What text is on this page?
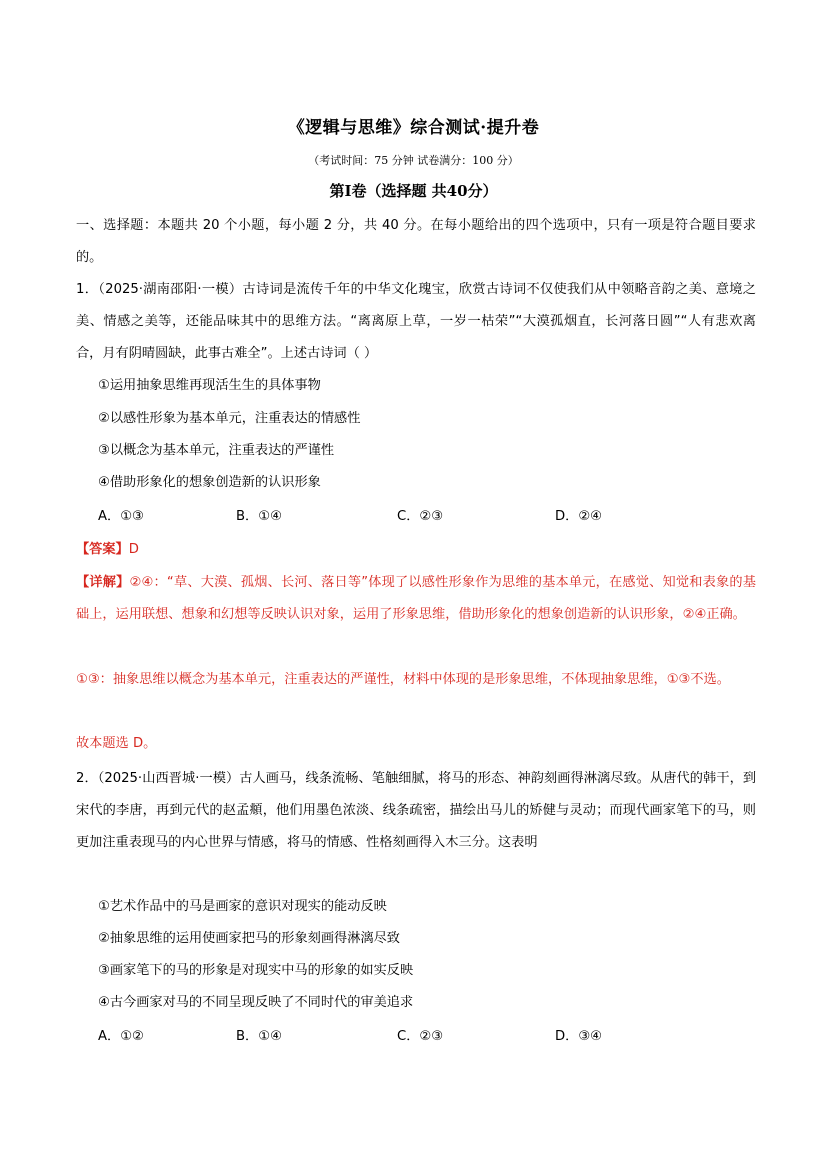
《逻辑与思维》综合测试·提升卷
（考试时间：75 分钟 试卷满分：100 分）
第Ⅰ卷（选择题 共40分）
一、选择题：本题共 20 个小题，每小题 2 分，共 40 分。在每小题给出的四个选项中，只有一项是符合题目要求的。
1．（2025·湖南邵阳·一模）古诗词是流传千年的中华文化瑰宝，欣赏古诗词不仅使我们从中领略音韵之美、意境之美、情感之美等，还能品味其中的思维方法。“离离原上草，一岁一枯荣”“大漠孤烟直，长河落日圆”“人有悲欢离合，月有阴晴圆缺，此事古难全”。上述古诗词（ ）
①运用抽象思维再现活生生的具体事物
②以感性形象为基本单元，注重表达的情感性
③以概念为基本单元，注重表达的严谨性
④借助形象化的想象创造新的认识形象
A．①③	B．①④	C．②③	D．②④
【答案】D
【详解】②④：“草、大漠、孤烟、长河、落日等”体现了以感性形象作为思维的基本单元，在感觉、知觉和表象的基础上，运用联想、想象和幻想等反映认识对象，运用了形象思维，借助形象化的想象创造新的认识形象，②④正确。
①③：抽象思维以概念为基本单元，注重表达的严谨性，材料中体现的是形象思维，不体现抽象思维，①③不选。
故本题选 D。
2．（2025·山西晋城·一模）古人画马，线条流畅、笔触细腻，将马的形态、神韵刻画得淋漓尽致。从唐代的韩干，到宋代的李唐，再到元代的赵孟頫，他们用墨色浓淡、线条疏密，描绘出马儿的矫健与灵动；而现代画家笔下的马，则更加注重表现马的内心世界与情感，将马的情感、性格刻画得入木三分。这表明
①艺术作品中的马是画家的意识对现实的能动反映
②抽象思维的运用使画家把马的形象刻画得淋漓尽致
③画家笔下的马的形象是对现实中马的形象的如实反映
④古今画家对马的不同呈现反映了不同时代的审美追求
A．①②	B．①④	C．②③	D．③④
